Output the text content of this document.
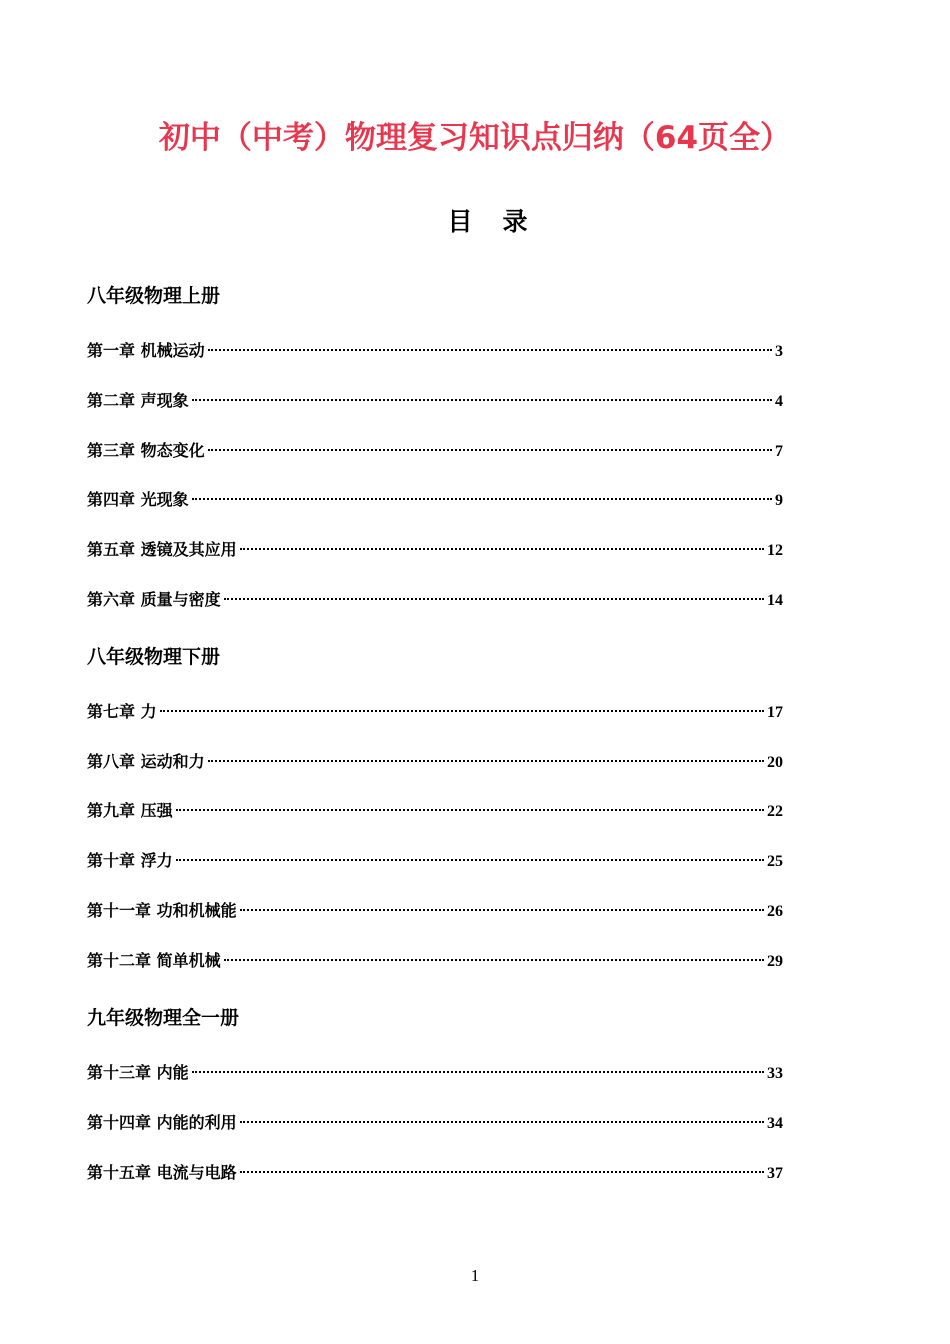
初中（中考）物理复习知识点归纳（64页全）
目录
八年级物理上册
第一章 机械运动	3
第二章 声现象	4
第三章 物态变化	7
第四章 光现象	9
第五章 透镜及其应用	12
第六章 质量与密度	14
八年级物理下册
第七章 力	17
第八章 运动和力	20
第九章 压强	22
第十章 浮力	25
第十一章 功和机械能	26
第十二章 简单机械	29
九年级物理全一册
第十三章 内能	33
第十四章 内能的利用	34
第十五章 电流与电路	37
1
